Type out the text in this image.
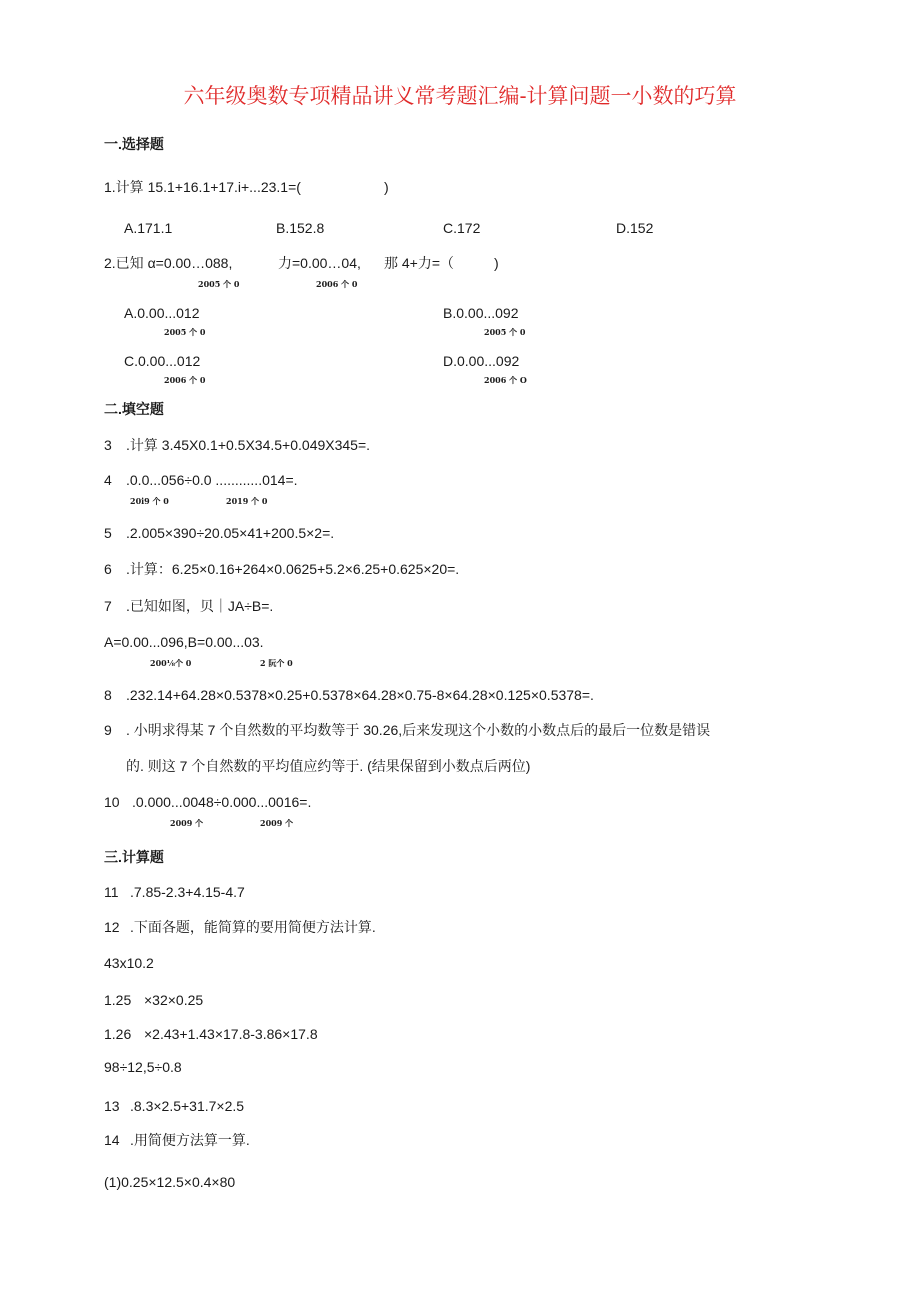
六年级奥数专项精品讲义常考题汇编-计算问题一小数的巧算
一.选择题
1.计算 15.1+16.1+17.i+...23.1=(	)
A.171.1	B.152.8	C.172	D.152
2.已知 α=0.00…088,	力=0.00…04, 那 4+力=（	)
2005 个 0	2006 个 0
A.0.00...012
2005 个 0
B.0.00...092
2005 个 0
C.0.00...012
2006 个 0
D.0.00...092
2006 个 O
二.填空题
3 .计算 3.45X0.1+0.5X34.5+0.049X345=.
4 .0.0...056÷0.0 ............014=.
20i9 个 0	2019 个 0
5 .2.005×390÷20.05×41+200.5×2=.
6 .计算：6.25×0.16+264×0.0625+5.2×6.25+0.625×20=.
7 .已知如图，贝｜JA÷B=.
A=0.00...096,B=0.00...03.
200⅛个 0	2 阮个 0
8 .232.14+64.28×0.5378×0.25+0.5378×64.28×0.75-8×64.28×0.125×0.5378=.
9 . 小明求得某 7 个自然数的平均数等于 30.26,后来发现这个小数的小数点后的最后一位数是错误
的. 则这 7 个自然数的平均值应约等于. (结果保留到小数点后两位)
10 .0.000...0048÷0.000...0016=.
2009 个	2009 个
三.计算题
11 .7.85-2.3+4.15-4.7
12 .下面各题，能简算的要用简便方法计算.
43x10.2
1.25 ×32×0.25
1.26 ×2.43+1.43×17.8-3.86×17.8
98÷12,5÷0.8
13 .8.3×2.5+31.7×2.5
14 .用简便方法算一算.
(1)0.25×12.5×0.4×80
